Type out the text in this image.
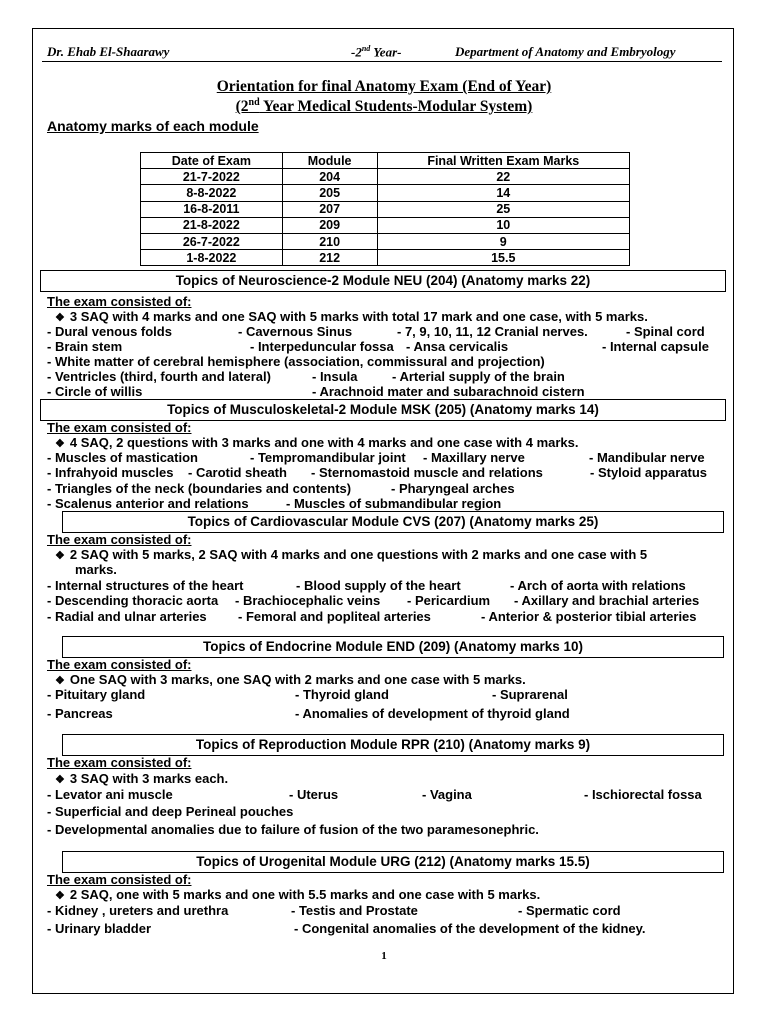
Dr. Ehab El-Shaarawy	-2nd Year-	Department of Anatomy and Embryology
Orientation for final Anatomy Exam (End of Year)
(2nd Year Medical Students-Modular System)
Anatomy marks of each module
Date of Exam	Module	Final Written Exam Marks
21-7-2022	204	22
8-8-2022	205	14
16-8-2011	207	25
21-8-2022	209	10
26-7-2022	210	9
1-8-2022	212	15.5
Topics of Neuroscience-2 Module NEU (204) (Anatomy marks 22)
The exam consisted of:
❖ 3 SAQ with 4 marks and one SAQ with 5 marks with total 17 mark and one case, with 5 marks.
- Dural venous folds	- Cavernous Sinus	- 7, 9, 10, 11, 12 Cranial nerves.	- Spinal cord
- Brain stem	- Interpeduncular fossa - Ansa cervicalis	- Internal capsule
- White matter of cerebral hemisphere (association, commissural and projection)
- Ventricles (third, fourth and lateral)	- Insula	- Arterial supply of the brain
- Circle of willis	- Arachnoid mater and subarachnoid cistern
Topics of Musculoskeletal-2 Module MSK (205) (Anatomy marks 14)
The exam consisted of:
❖ 4 SAQ, 2 questions with 3 marks and one with 4 marks and one case with 4 marks.
- Muscles of mastication	- Tempromandibular joint - Maxillary nerve	- Mandibular nerve
- Infrahyoid muscles - Carotid sheath - Sternomastoid muscle and relations	- Styloid apparatus
- Triangles of the neck (boundaries and contents)	- Pharyngeal arches
- Scalenus anterior and relations	- Muscles of submandibular region
Topics of Cardiovascular Module CVS (207) (Anatomy marks 25)
The exam consisted of:
❖ 2 SAQ with 5 marks, 2 SAQ with 4 marks and one questions with 2 marks and one case with 5
marks.
- Internal structures of the heart	- Blood supply of the heart	- Arch of aorta with relations
- Descending thoracic aorta - Brachiocephalic veins - Pericardium - Axillary and brachial arteries
- Radial and ulnar arteries - Femoral and popliteal arteries	- Anterior & posterior tibial arteries
Topics of Endocrine Module END (209) (Anatomy marks 10)
The exam consisted of:
❖ One SAQ with 3 marks, one SAQ with 2 marks and one case with 5 marks.
- Pituitary gland	- Thyroid gland	- Suprarenal
- Pancreas	- Anomalies of development of thyroid gland
Topics of Reproduction Module RPR (210) (Anatomy marks 9)
The exam consisted of:
❖ 3 SAQ with 3 marks each.
- Levator ani muscle	- Uterus	- Vagina	- Ischiorectal fossa
- Superficial and deep Perineal pouches
- Developmental anomalies due to failure of fusion of the two paramesonephric.
Topics of Urogenital Module URG (212) (Anatomy marks 15.5)
The exam consisted of:
❖ 2 SAQ, one with 5 marks and one with 5.5 marks and one case with 5 marks.
- Kidney , ureters and urethra	- Testis and Prostate	- Spermatic cord
- Urinary bladder	- Congenital anomalies of the development of the kidney.
1
